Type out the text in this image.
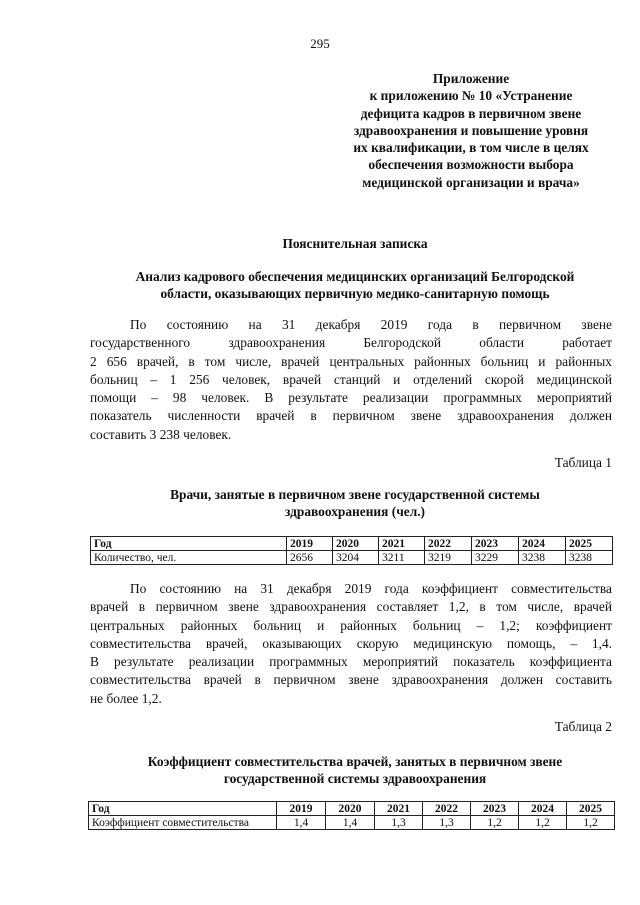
295
Приложение
к приложению № 10 «Устранение
дефицита кадров в первичном звене
здравоохранения и повышение уровня
их квалификации, в том числе в целях
обеспечения возможности выбора
медицинской организации и врача»
Пояснительная записка
Анализ кадрового обеспечения медицинских организаций Белгородской
области, оказывающих первичную медико-санитарную помощь
По состоянию на 31 декабря 2019 года в первичном звене
государственного здравоохранения Белгородской области работает
2 656 врачей, в том числе, врачей центральных районных больниц и районных
больниц – 1 256 человек, врачей станций и отделений скорой медицинской
помощи – 98 человек. В результате реализации программных мероприятий
показатель численности врачей в первичном звене здравоохранения должен
составить 3 238 человек.
Таблица 1
Врачи, занятые в первичном звене государственной системы
здравоохранения (чел.)
Год	2019	2020	2021	2022	2023	2024	2025
Количество, чел.	2656	3204	3211	3219	3229	3238	3238
По состоянию на 31 декабря 2019 года коэффициент совместительства
врачей в первичном звене здравоохранения составляет 1,2, в том числе, врачей
центральных районных больниц и районных больниц – 1,2; коэффициент
совместительства врачей, оказывающих скорую медицинскую помощь, – 1,4.
В результате реализации программных мероприятий показатель коэффициента
совместительства врачей в первичном звене здравоохранения должен составить
не более 1,2.
Таблица 2
Коэффициент совместительства врачей, занятых в первичном звене
государственной системы здравоохранения
Год	2019	2020	2021	2022	2023	2024	2025
Коэффициент совместительства	1,4	1,4	1,3	1,3	1,2	1,2	1,2
